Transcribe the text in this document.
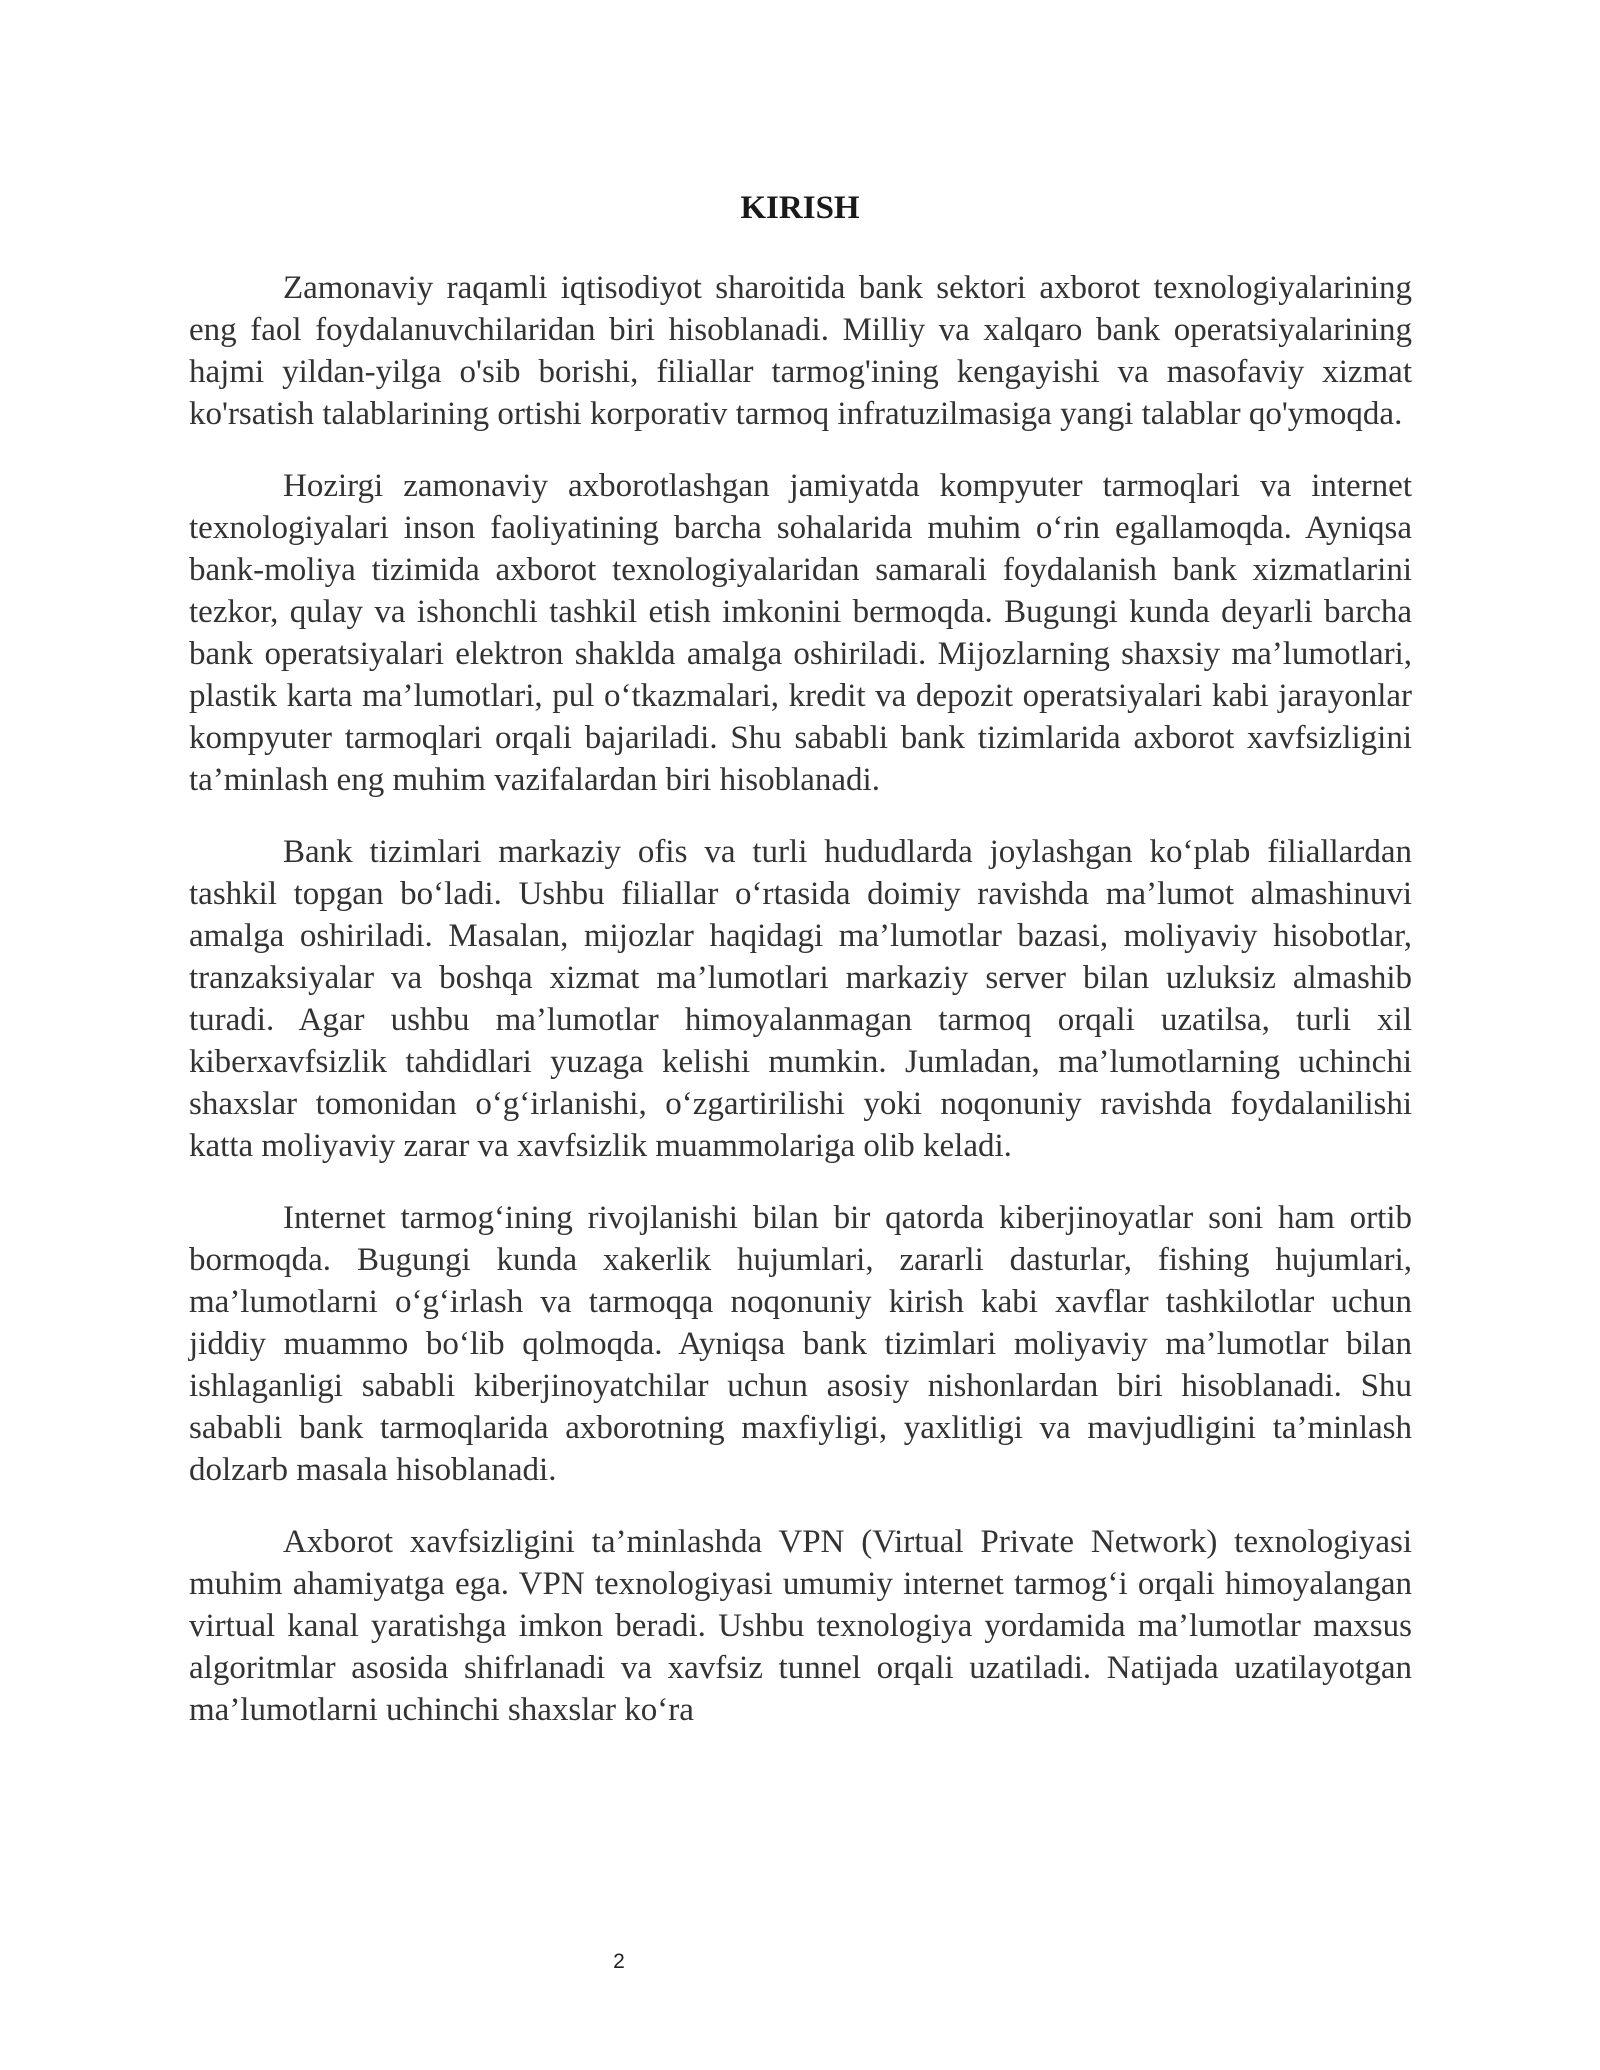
KIRISH

Zamonaviy raqamli iqtisodiyot sharoitida bank sektori axborot texnologiyalarining eng faol foydalanuvchilaridan biri hisoblanadi. Milliy va xalqaro bank operatsiyalarining hajmi yildan-yilga o'sib borishi, filiallar tarmog'ining kengayishi va masofaviy xizmat ko'rsatish talablarining ortishi korporativ tarmoq infratuzilmasiga yangi talablar qo'ymoqda.

Hozirgi zamonaviy axborotlashgan jamiyatda kompyuter tarmoqlari va internet texnologiyalari inson faoliyatining barcha sohalarida muhim o‘rin egallamoqda. Ayniqsa bank-moliya tizimida axborot texnologiyalaridan samarali foydalanish bank xizmatlarini tezkor, qulay va ishonchli tashkil etish imkonini bermoqda. Bugungi kunda deyarli barcha bank operatsiyalari elektron shaklda amalga oshiriladi. Mijozlarning shaxsiy ma’lumotlari, plastik karta ma’lumotlari, pul o‘tkazmalari, kredit va depozit operatsiyalari kabi jarayonlar kompyuter tarmoqlari orqali bajariladi. Shu sababli bank tizimlarida axborot xavfsizligini ta’minlash eng muhim vazifalardan biri hisoblanadi.

Bank tizimlari markaziy ofis va turli hududlarda joylashgan ko‘plab filiallardan tashkil topgan bo‘ladi. Ushbu filiallar o‘rtasida doimiy ravishda ma’lumot almashinuvi amalga oshiriladi. Masalan, mijozlar haqidagi ma’lumotlar bazasi, moliyaviy hisobotlar, tranzaksiyalar va boshqa xizmat ma’lumotlari markaziy server bilan uzluksiz almashib turadi. Agar ushbu ma’lumotlar himoyalanmagan tarmoq orqali uzatilsa, turli xil kiberxavfsizlik tahdidlari yuzaga kelishi mumkin. Jumladan, ma’lumotlarning uchinchi shaxslar tomonidan o‘g‘irlanishi, o‘zgartirilishi yoki noqonuniy ravishda foydalanilishi katta moliyaviy zarar va xavfsizlik muammolariga olib keladi.

Internet tarmog‘ining rivojlanishi bilan bir qatorda kiberjinoyatlar soni ham ortib bormoqda. Bugungi kunda xakerlik hujumlari, zararli dasturlar, fishing hujumlari, ma’lumotlarni o‘g‘irlash va tarmoqqa noqonuniy kirish kabi xavflar tashkilotlar uchun jiddiy muammo bo‘lib qolmoqda. Ayniqsa bank tizimlari moliyaviy ma’lumotlar bilan ishlaganligi sababli kiberjinoyatchilar uchun asosiy nishonlardan biri hisoblanadi. Shu sababli bank tarmoqlarida axborotning maxfiyligi, yaxlitligi va mavjudligini ta’minlash dolzarb masala hisoblanadi.

Axborot xavfsizligini ta’minlashda VPN (Virtual Private Network) texnologiyasi muhim ahamiyatga ega. VPN texnologiyasi umumiy internet tarmog‘i orqali himoyalangan virtual kanal yaratishga imkon beradi. Ushbu texnologiya yordamida ma’lumotlar maxsus algoritmlar asosida shifrlanadi va xavfsiz tunnel orqali uzatiladi. Natijada uzatilayotgan ma’lumotlarni uchinchi shaxslar ko‘ra

2
